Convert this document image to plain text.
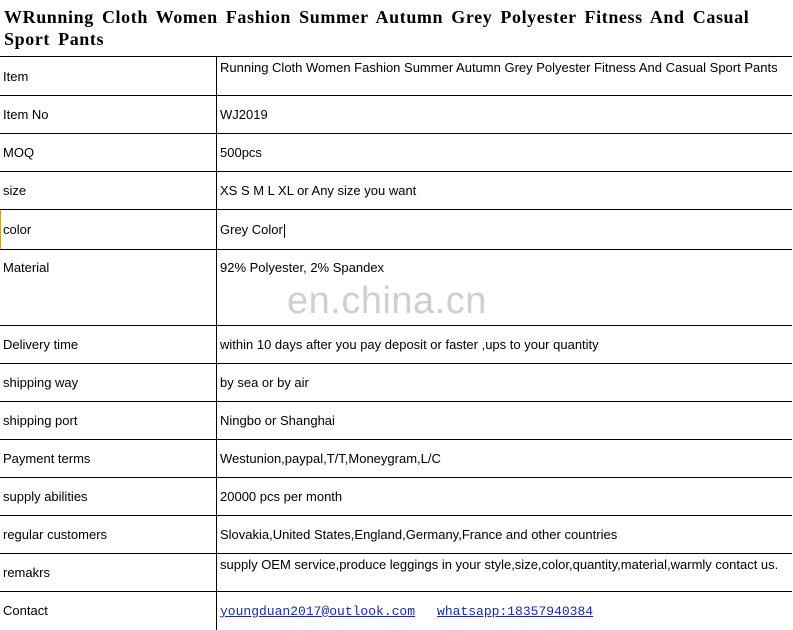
WRunning Cloth Women Fashion Summer Autumn Grey Polyester Fitness And Casual Sport Pants
Item	Running Cloth Women Fashion Summer Autumn Grey Polyester Fitness And Casual Sport Pants
Item No	WJ2019
MOQ	500pcs
size	XS S M L XL or Any size you want
color	Grey Color
Material	92% Polyester, 2% Spandex
Delivery time	within 10 days after you pay deposit or faster ,ups to your quantity
shipping way	by sea or by air
shipping port	Ningbo or Shanghai
Payment terms	Westunion,paypal,T/T,Moneygram,L/C
supply abilities	20000 pcs per month
regular customers	Slovakia,United States,England,Germany,France and other countries
remakrs	supply OEM service,produce leggings in your style,size,color,quantity,material,warmly contact us.
Contact	youngduan2017@outlook.com whatsapp:18357940384
en.china.cn
